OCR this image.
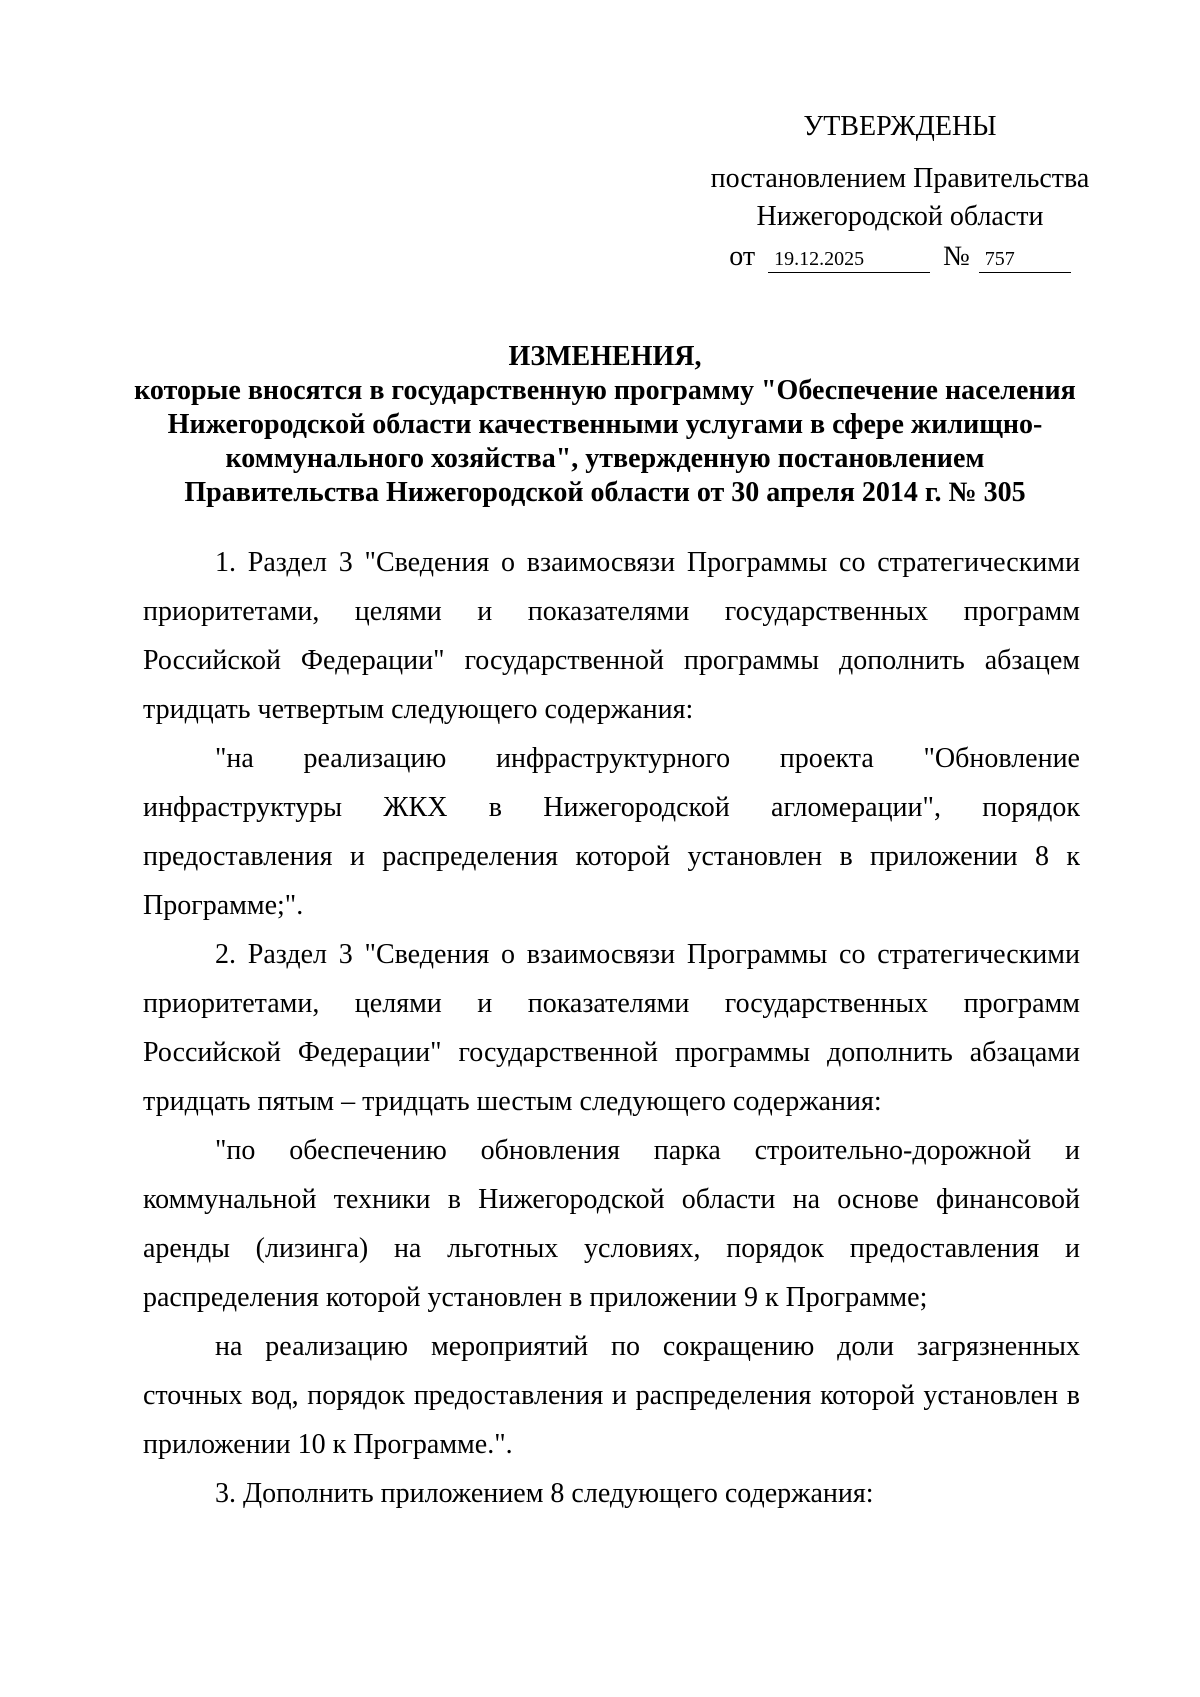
УТВЕРЖДЕНЫ
постановлением Правительства
Нижегородской области
от 19.12.2025	№ 757
ИЗМЕНЕНИЯ,
которые вносятся в государственную программу "Обеспечение населения Нижегородской области качественными услугами в сфере жилищно-коммунального хозяйства", утвержденную постановлением Правительства Нижегородской области от 30 апреля 2014 г. № 305

1. Раздел 3 "Сведения о взаимосвязи Программы со стратегическими приоритетами, целями и показателями государственных программ Российской Федерации" государственной программы дополнить абзацем тридцать четвертым следующего содержания:

"на реализацию инфраструктурного проекта "Обновление инфраструктуры ЖКХ в Нижегородской агломерации", порядок предоставления и распределения которой установлен в приложении 8 к Программе;".

2. Раздел 3 "Сведения о взаимосвязи Программы со стратегическими приоритетами, целями и показателями государственных программ Российской Федерации" государственной программы дополнить абзацами тридцать пятым – тридцать шестым следующего содержания:

"по обеспечению обновления парка строительно-дорожной и коммунальной техники в Нижегородской области на основе финансовой аренды (лизинга) на льготных условиях, порядок предоставления и распределения которой установлен в приложении 9 к Программе;

на реализацию мероприятий по сокращению доли загрязненных сточных вод, порядок предоставления и распределения которой установлен в приложении 10 к Программе.".

3. Дополнить приложением 8 следующего содержания:
